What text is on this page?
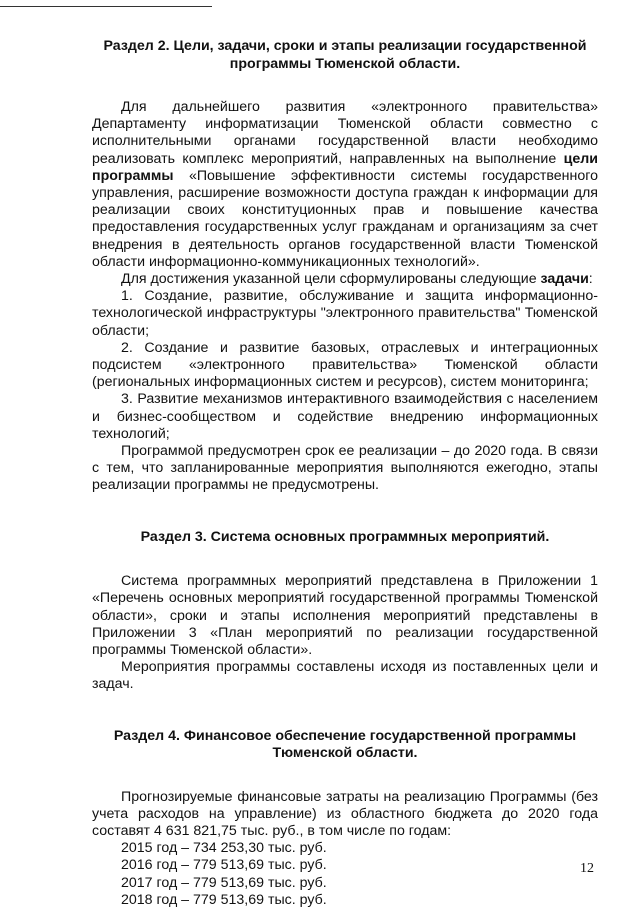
Раздел 2. Цели, задачи, сроки и этапы реализации государственной программы Тюменской области.

Для дальнейшего развития «электронного правительства» Департаменту информатизации Тюменской области совместно с исполнительными органами государственной власти необходимо реализовать комплекс мероприятий, направленных на выполнение цели программы «Повышение эффективности системы государственного управления, расширение возможности доступа граждан к информации для реализации своих конституционных прав и повышение качества предоставления государственных услуг гражданам и организациям за счет внедрения в деятельность органов государственной власти Тюменской области информационно-коммуникационных технологий».

Для достижения указанной цели сформулированы следующие задачи:

1. Создание, развитие, обслуживание и защита информационно-технологической инфраструктуры "электронного правительства" Тюменской области;

2. Создание и развитие базовых, отраслевых и интеграционных подсистем «электронного правительства» Тюменской области (региональных информационных систем и ресурсов), систем мониторинга;

3. Развитие механизмов интерактивного взаимодействия с населением и бизнес-сообществом и содействие внедрению информационных технологий;

Программой предусмотрен срок ее реализации – до 2020 года. В связи с тем, что запланированные мероприятия выполняются ежегодно, этапы реализации программы не предусмотрены.

Раздел 3. Система основных программных мероприятий.

Система программных мероприятий представлена в Приложении 1 «Перечень основных мероприятий государственной программы Тюменской области», сроки и этапы исполнения мероприятий представлены в Приложении 3 «План мероприятий по реализации государственной программы Тюменской области».

Мероприятия программы составлены исходя из поставленных цели и задач.

Раздел 4. Финансовое обеспечение государственной программы Тюменской области.

Прогнозируемые финансовые затраты на реализацию Программы (без учета расходов на управление) из областного бюджета до 2020 года составят 4 631 821,75 тыс. руб., в том числе по годам:

2015 год – 734 253,30 тыс. руб.
2016 год – 779 513,69 тыс. руб.
2017 год – 779 513,69 тыс. руб.
2018 год – 779 513,69 тыс. руб.
12
